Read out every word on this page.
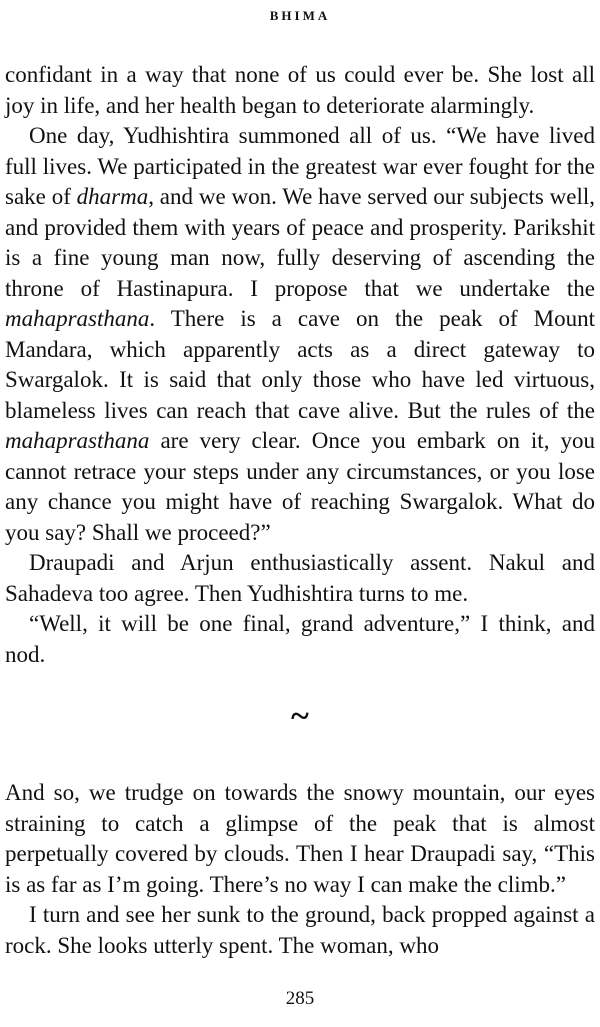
BHIMA

confidant in a way that none of us could ever be. She lost all joy in life, and her health began to deteriorate alarmingly.

One day, Yudhishtira summoned all of us. “We have lived full lives. We participated in the greatest war ever fought for the sake of dharma, and we won. We have served our subjects well, and provided them with years of peace and prosperity. Parikshit is a fine young man now, fully deserving of ascending the throne of Hastinapura. I propose that we undertake the mahaprasthana. There is a cave on the peak of Mount Mandara, which apparently acts as a direct gateway to Swargalok. It is said that only those who have led virtuous, blameless lives can reach that cave alive. But the rules of the mahaprasthana are very clear. Once you embark on it, you cannot retrace your steps under any circumstances, or you lose any chance you might have of reaching Swargalok. What do you say? Shall we proceed?”

Draupadi and Arjun enthusiastically assent. Nakul and Sahadeva too agree. Then Yudhishtira turns to me.

“Well, it will be one final, grand adventure,” I think, and nod.

~

And so, we trudge on towards the snowy mountain, our eyes straining to catch a glimpse of the peak that is almost perpetually covered by clouds. Then I hear Draupadi say, “This is as far as I’m going. There’s no way I can make the climb.”

I turn and see her sunk to the ground, back propped against a rock. She looks utterly spent. The woman, who

285
